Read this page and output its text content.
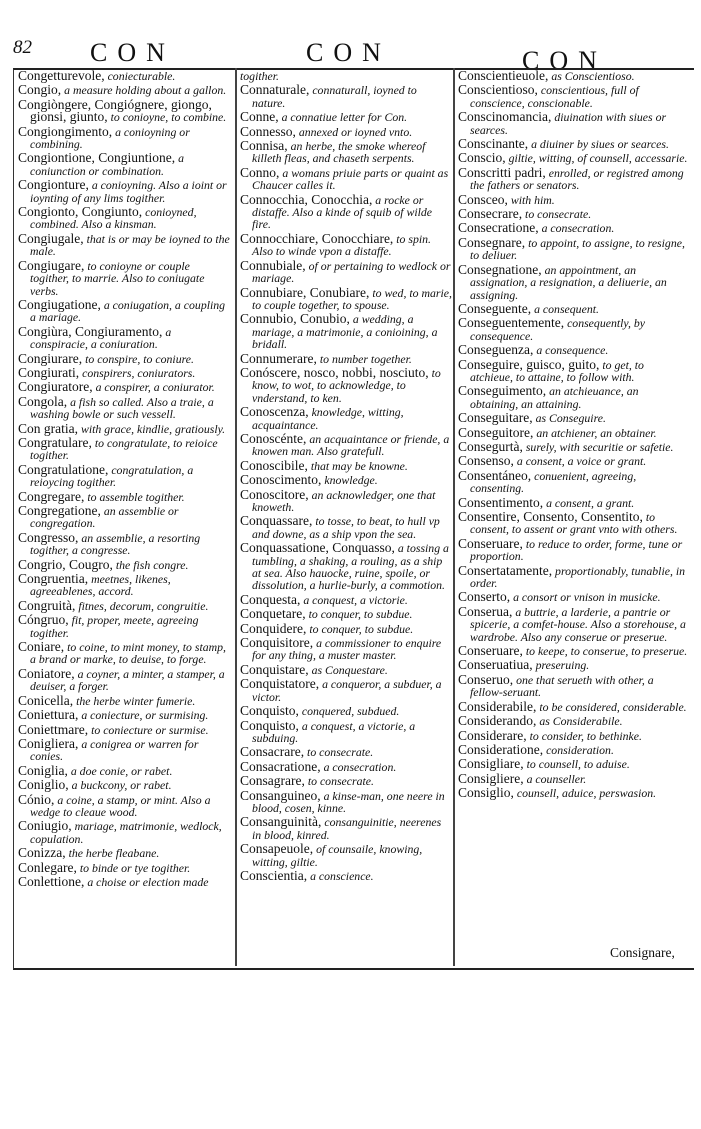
82 CON	CON	CON
Congetturevole, coniecturable.
Congio, a measure holding about a gallon.
Congiòngere, Congiógnere, giongo, gionsi, giunto, to conioyne, to combine.
Congiongimento, a conioyning or combining.
Congiontione, Congiuntione, a coniunction or combination.
Congionture, a conioyning. Also a ioint or ioynting of any lims togither.
Congionto, Congiunto, conioyned, combined. Also a kinsman.
Congiugale, that is or may be ioyned to the male.
Congiugare, to conioyne or couple togither, to marrie. Also to coniugate verbs.
Congiugatione, a coniugation, a coupling a mariage.
Congiùra, Congiuramento, a conspiracie, a coniuration.
Congiurare, to conspire, to coniure.
Congiurati, conspirers, coniurators.
Congiuratore, a conspirer, a coniurator.
Congola, a fish so called. Also a traie, a washing bowle or such vessell.
Con gratia, with grace, kindlie, gratiously.
Congratulare, to congratulate, to reioice togither.
Congratulatione, congratulation, a reioycing togither.
Congregare, to assemble togither.
Congregatione, an assemblie or congregation.
Congresso, an assemblie, a resorting togither, a congresse.
Congrio, Cougro, the fish congre.
Congruentia, meetnes, likenes, agreeablenes, accord.
Congruità, fitnes, decorum, congruitie.
Cóngruo, fit, proper, meete, agreeing togither.
Coniare, to coine, to mint money, to stamp, a brand or marke, to deuise, to forge.
Coniatore, a coyner, a minter, a stamper, a deuiser, a forger.
Conicella, the herbe winter fumerie.
Coniettura, a coniecture, or surmising.
Coniettmare, to coniecture or surmise.
Conigliera, a conigrea or warren for conies.
Coniglia, a doe conie, or rabet.
Coniglio, a buckcony, or rabet.
Cónio, a coine, a stamp, or mint. Also a wedge to cleaue wood.
Coniugio, mariage, matrimonie, wedlock, copulation.
Conizza, the herbe fleabane.
Conlegare, to binde or tye togither.
Conlettione, a choise or election made
togither.
Connaturale, connaturall, ioyned to nature.
Conne, a connatiue letter for Con.
Connesso, annexed or ioyned vnto.
Connisa, an herbe, the smoke whereof killeth fleas, and chaseth serpents.
Conno, a womans priuie parts or quaint as Chaucer calles it.
Connocchia, Conocchia, a rocke or distaffe. Also a kinde of squib of wilde fire.
Connocchiare, Conocchiare, to spin. Also to winde vpon a distaffe.
Connubiale, of or pertaining to wedlock or mariage.
Connubiare, Conubiare, to wed, to marie, to couple together, to spouse.
Connubio, Conubio, a wedding, a mariage, a matrimonie, a conioining, a bridall.
Connumerare, to number together.
Conóscere, nosco, nobbi, nosciuto, to know, to wot, to acknowledge, to vnderstand, to ken.
Conoscenza, knowledge, witting, acquaintance.
Conoscénte, an acquaintance or friende, a knowen man. Also gratefull.
Conoscibile, that may be knowne.
Conoscimento, knowledge.
Conoscitore, an acknowledger, one that knoweth.
Conquassare, to tosse, to beat, to hull vp and downe, as a ship vpon the sea.
Conquassatione, Conquasso, a tossing a tumbling, a shaking, a rouling, as a ship at sea. Also hauocke, ruine, spoile, or dissolution, a hurlie-burly, a commotion.
Conquesta, a conquest, a victorie.
Conquetare, to conquer, to subdue.
Conquidere, to conquer, to subdue.
Conquisitore, a commissioner to enquire for any thing, a muster master.
Conquistare, as Conquestare.
Conquistatore, a conqueror, a subduer, a victor.
Conquisto, conquered, subdued.
Conquisto, a conquest, a victorie, a subduing.
Consacrare, to consecrate.
Consacratione, a consecration.
Consagrare, to consecrate.
Consanguineo, a kinse-man, one neere in blood, cosen, kinne.
Consanguinità, consanguinitie, neerenes in blood, kinred.
Consapeuole, of counsaile, knowing, witting, giltie.
Conscientia, a conscience.
Conscientieuole, as Conscientioso.
Conscientioso, conscientious, full of conscience, conscionable.
Conscinomancia, diuination with siues or searces.
Conscinante, a diuiner by siues or searces.
Conscio, giltie, witting, of counsell, accessarie.
Conscritti padri, enrolled, or registred among the fathers or senators.
Consceo, with him.
Consecrare, to consecrate.
Consecratione, a consecration.
Consegnare, to appoint, to assigne, to resigne, to deliuer.
Consegnatione, an appointment, an assignation, a resignation, a deliuerie, an assigning.
Conseguente, a consequent.
Conseguentemente, consequently, by consequence.
Conseguenza, a consequence.
Conseguire, guisco, guito, to get, to atchieue, to attaine, to follow with.
Conseguimento, an atchieuance, an obtaining, an attaining.
Conseguitare, as Conseguire.
Conseguitore, an atchiener, an obtainer.
Consegurtà, surely, with securitie or safetie.
Consenso, a consent, a voice or grant.
Consentáneo, conuenient, agreeing, consenting.
Consentimento, a consent, a grant.
Consentire, Consento, Consentito, to consent, to assent or grant vnto with others.
Conseruare, to reduce to order, forme, tune or proportion.
Consertatamente, proportionably, tunablie, in order.
Conserto, a consort or vnison in musicke.
Conserua, a buttrie, a larderie, a pantrie or spicerie, a comfet-house. Also a storehouse, a wardrobe. Also any conserue or preserue.
Conseruare, to keepe, to conserue, to preserue.
Conseruatiua, preseruing.
Conseruo, one that serueth with other, a fellow-seruant.
Considerabile, to be considered, considerable.
Considerando, as Considerabile.
Considerare, to consider, to bethinke.
Consideratione, consideration.
Consigliare, to counsell, to aduise.
Consigliere, a counseller.
Consiglio, counsell, aduice, perswasion.
Consignare,
